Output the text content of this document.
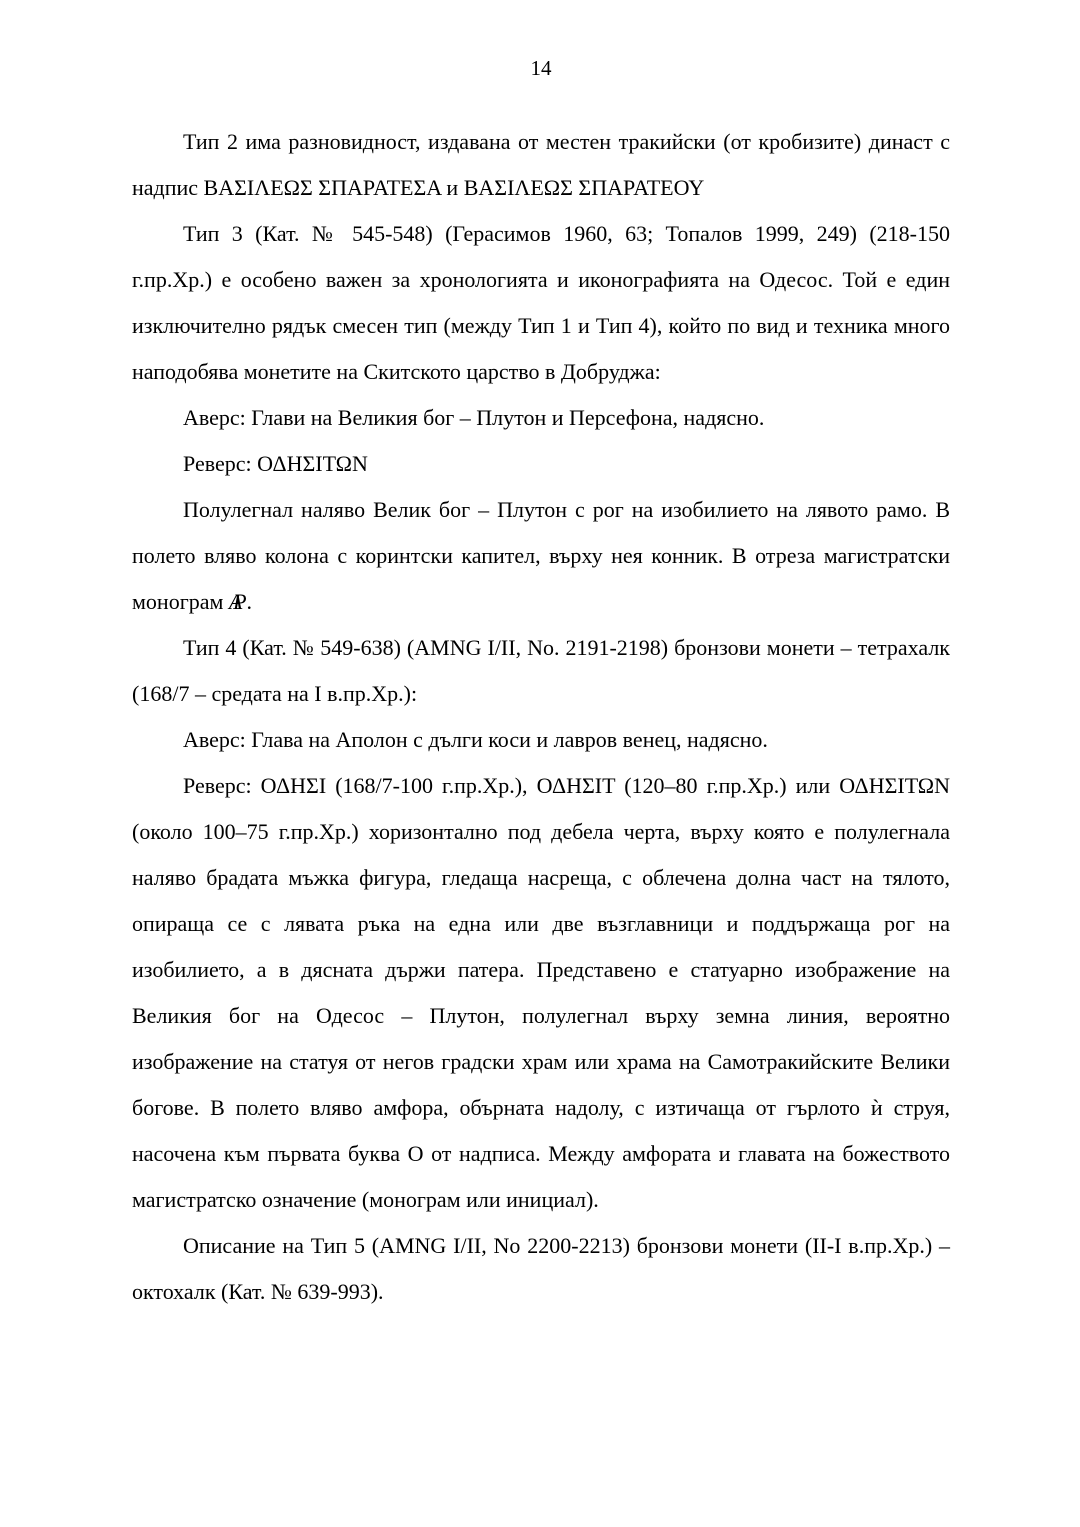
14

Тип 2 има разновидност, издавана от местен тракийски (от кробизите) династ с надпис ΒΑΣΙΛΕΩΣ ΣΠΑΡΑΤΕΣΑ и ΒΑΣΙΛΕΩΣ ΣΠΑΡΑΤΕΟΥ

Тип 3 (Кат. № 545-548) (Герасимов 1960, 63; Топалов 1999, 249) (218-150 г.пр.Хр.) е особено важен за хронологията и иконографията на Одесос. Той е един изключително рядък смесен тип (между Тип 1 и Тип 4), който по вид и техника много наподобява монетите на Скитското царство в Добруджа:

Аверс: Глави на Великия бог – Плутон и Персефона, надясно.

Реверс: ΟΔΗΣΙΤΩΝ

Полулегнал наляво Велик бог – Плутон с рог на изобилието на лявото рамо. В полето вляво колона с коринтски капител, върху нея конник. В отреза магистратски монограм ΑΡ .

Тип 4 (Кат. № 549-638) (AMNG I/II, No. 2191-2198) бронзови монети – тетрахалк (168/7 – средата на I в.пр.Хр.):

Аверс: Глава на Аполон с дълги коси и лавров венец, надясно.

Реверс: ΟΔΗΣΙ (168/7-100 г.пр.Хр.), ΟΔΗΣΙΤ (120–80 г.пр.Хр.) или ΟΔΗΣΙΤΩΝ (около 100–75 г.пр.Хр.) хоризонтално под дебела черта, върху която е полулегнала наляво брадата мъжка фигура, гледаща насреща, с облечена долна част на тялото, опираща се с лявата ръка на една или две възглавници и поддържаща рог на изобилието, а в дясната държи патера. Представено е статуарно изображение на Великия бог на Одесос – Плутон, полулегнал върху земна линия, вероятно изображение на статуя от негов градски храм или храма на Самотракийските Велики богове. В полето вляво амфора, обърната надолу, с изтичаща от гърлото ѝ струя, насочена към първата буква О от надписа. Между амфората и главата на божеството магистратско означение (монограм или инициал).

Описание на Тип 5 (AMNG I/II, No 2200-2213) бронзови монети (II-I в.пр.Хр.) – октохалк (Кат. № 639-993).
